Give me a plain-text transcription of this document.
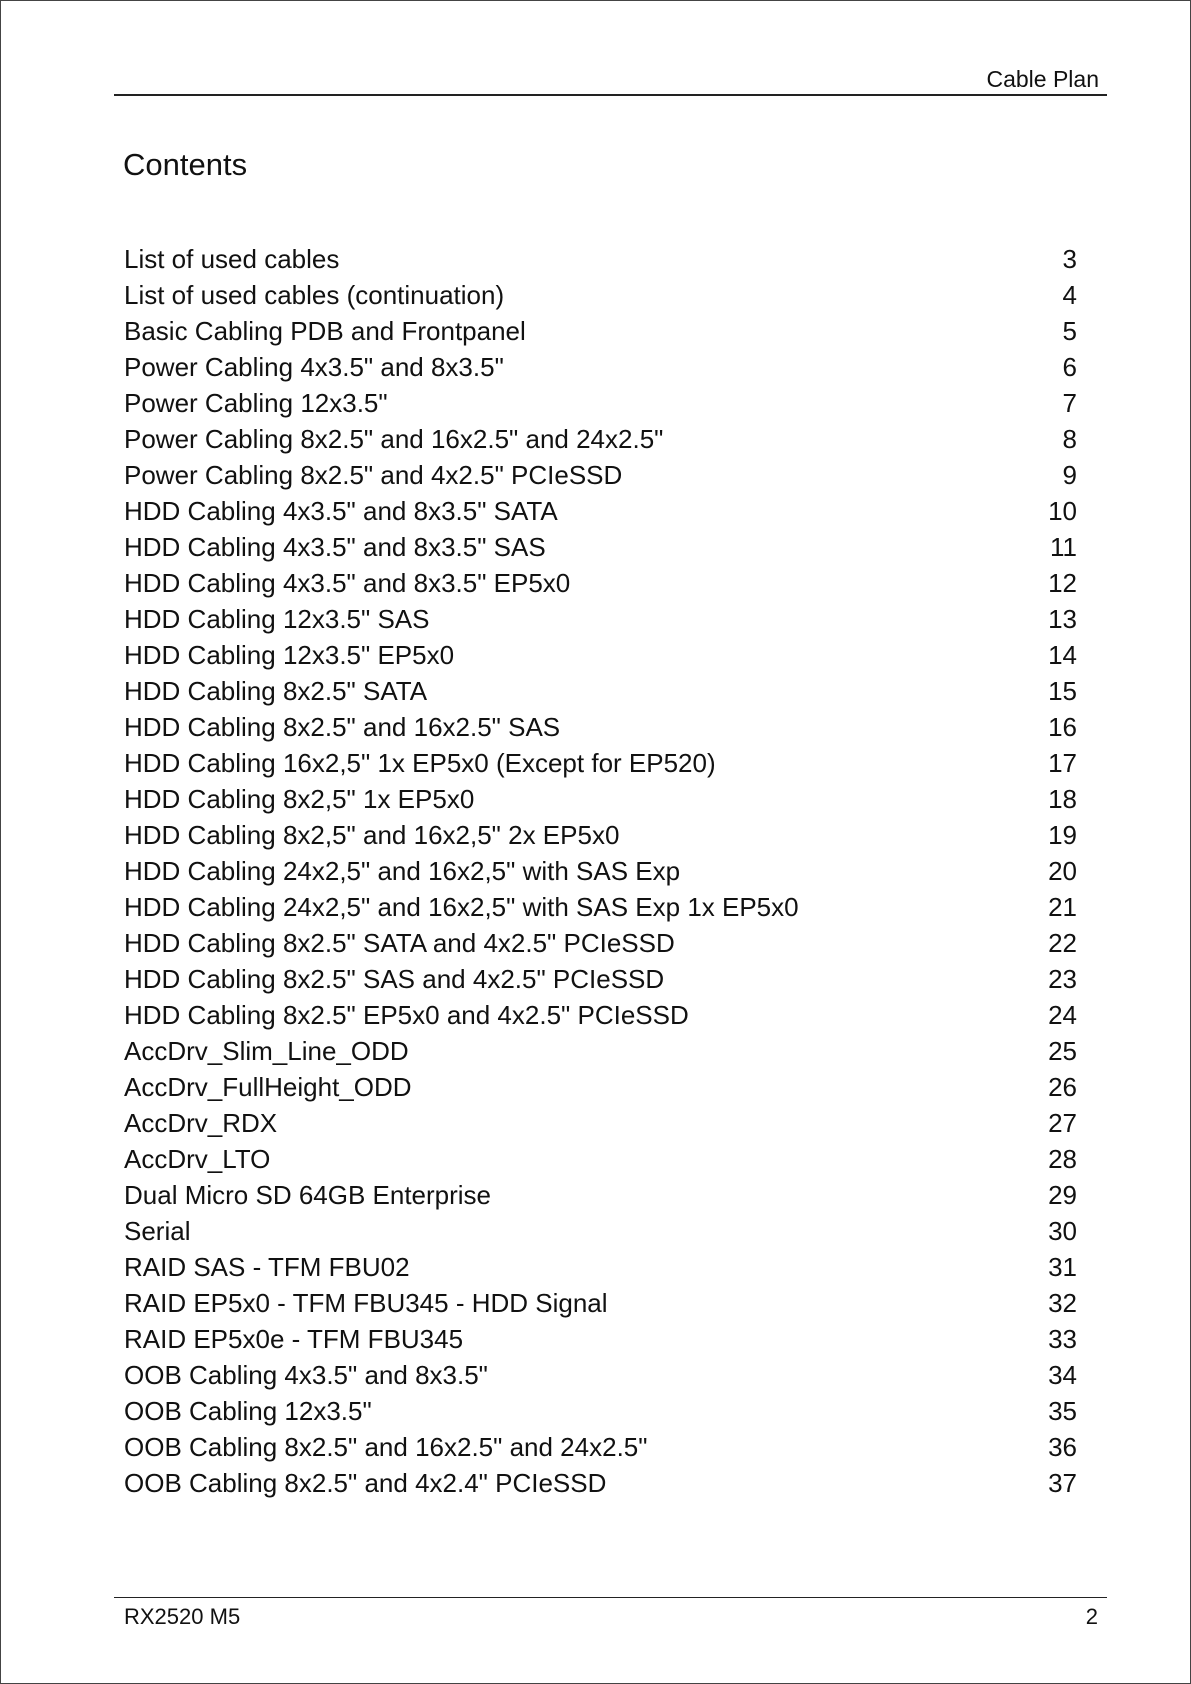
Cable Plan
Contents
List of used cables	3
List of used cables (continuation)	4
Basic Cabling PDB and Frontpanel	5
Power Cabling 4x3.5" and 8x3.5"	6
Power Cabling 12x3.5"	7
Power Cabling 8x2.5" and 16x2.5" and 24x2.5"	8
Power Cabling 8x2.5" and 4x2.5" PCIeSSD	9
HDD Cabling 4x3.5" and 8x3.5" SATA	10
HDD Cabling 4x3.5" and 8x3.5" SAS	11
HDD Cabling 4x3.5" and 8x3.5" EP5x0	12
HDD Cabling 12x3.5" SAS	13
HDD Cabling 12x3.5" EP5x0	14
HDD Cabling 8x2.5" SATA	15
HDD Cabling 8x2.5" and 16x2.5" SAS	16
HDD Cabling 16x2,5" 1x EP5x0 (Except for EP520)	17
HDD Cabling 8x2,5" 1x EP5x0	18
HDD Cabling 8x2,5" and 16x2,5" 2x EP5x0	19
HDD Cabling 24x2,5" and 16x2,5" with SAS Exp	20
HDD Cabling 24x2,5" and 16x2,5" with SAS Exp 1x EP5x0	21
HDD Cabling 8x2.5" SATA and 4x2.5" PCIeSSD	22
HDD Cabling 8x2.5" SAS and 4x2.5" PCIeSSD	23
HDD Cabling 8x2.5" EP5x0 and 4x2.5" PCIeSSD	24
AccDrv_Slim_Line_ODD	25
AccDrv_FullHeight_ODD	26
AccDrv_RDX	27
AccDrv_LTO	28
Dual Micro SD 64GB Enterprise	29
Serial	30
RAID SAS - TFM FBU02	31
RAID EP5x0 - TFM FBU345 - HDD Signal	32
RAID EP5x0e - TFM FBU345	33
OOB Cabling 4x3.5" and 8x3.5"	34
OOB Cabling 12x3.5"	35
OOB Cabling 8x2.5" and 16x2.5" and 24x2.5"	36
OOB Cabling 8x2.5" and 4x2.4" PCIeSSD	37
RX2520 M5	2
